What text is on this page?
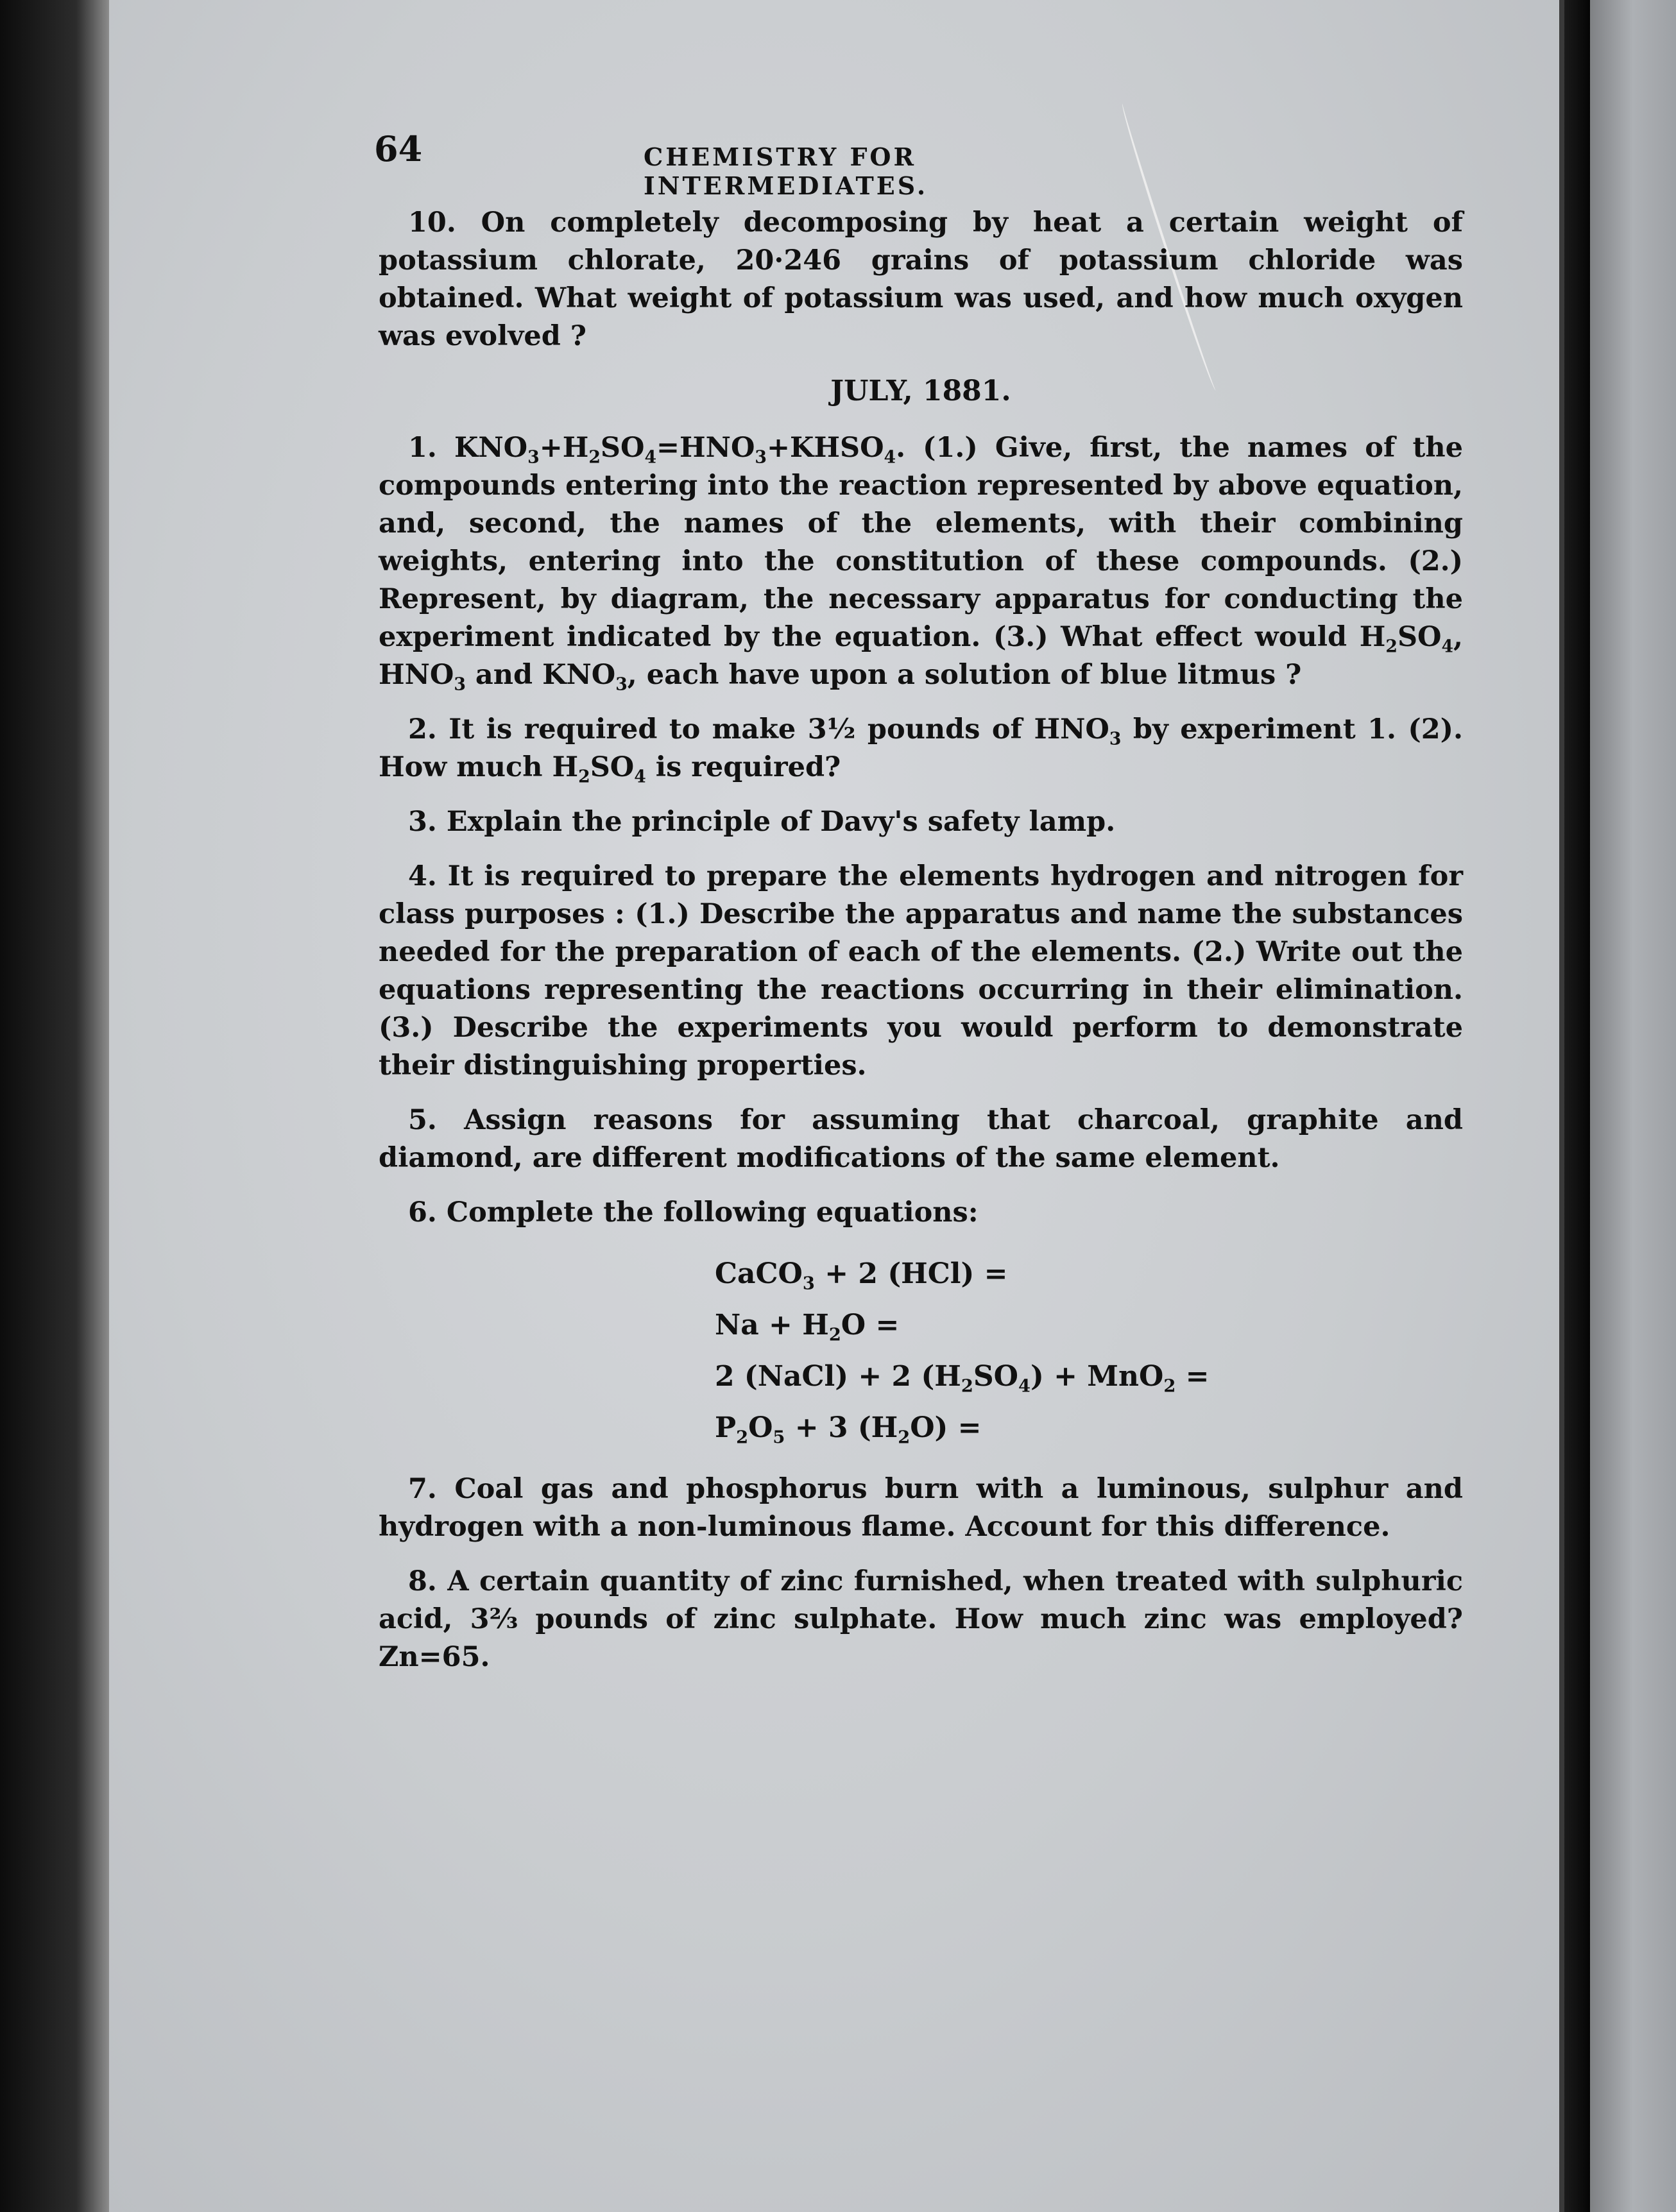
64	CHEMISTRY FOR INTERMEDIATES.

10. On completely decomposing by heat a certain weight of potassium chlorate, 20·246 grains of potassium chloride was obtained. What weight of potassium was used, and how much oxygen was evolved ?

JULY, 1881.

1. $KNO_3+H_2SO_4=HNO_3+KHSO_4$. (1.) Give, first, the names of the compounds entering into the reaction represented by above equation, and, second, the names of the elements, with their combining weights, entering into the constitution of these compounds. (2.) Represent, by diagram, the necessary apparatus for conducting the experiment indicated by the equation. (3.) What effect would $H_2SO_4$, $HNO_3$ and $KNO_3$, each have upon a solution of blue litmus ?

2. It is required to make 3½ pounds of $HNO_3$ by experiment 1. (2). How much $H_2SO_4$ is required?

3. Explain the principle of Davy's safety lamp.

4. It is required to prepare the elements hydrogen and nitrogen for class purposes : (1.) Describe the apparatus and name the substances needed for the preparation of each of the elements. (2.) Write out the equations representing the reactions occurring in their elimination. (3.) Describe the experiments you would perform to demonstrate their distinguishing properties.

5. Assign reasons for assuming that charcoal, graphite and diamond, are different modifications of the same element.

6. Complete the following equations:

CaCO$_3$ + 2 (HCl) =
$Na + H_2O$ =
2 (NaCl) + 2 $(H_2SO_4) + MnO_2$ =
$P_2O_5 + 3$ $(H_2O)$ =

7. Coal gas and phosphorus burn with a luminous, sulphur and hydrogen with a non-luminous flame. Account for this difference.

8. A certain quantity of zinc furnished, when treated with sulphuric acid, 3⅔ pounds of zinc sulphate. How much zinc was employed? Zn=65.
